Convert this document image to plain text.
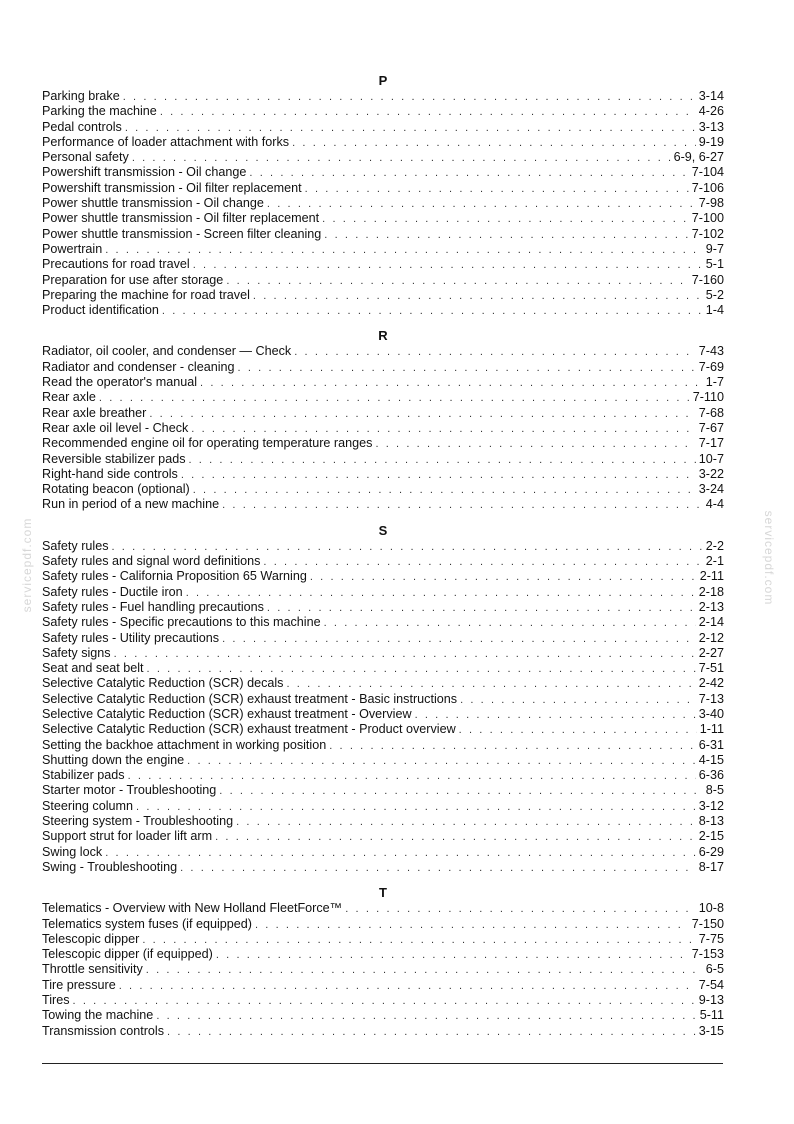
servicepdf.com	servicepdf.com
P
Parking brake . . .	3-14
Parking the machine . . .	4-26
Pedal controls . . .	3-13
Performance of loader attachment with forks . . .	9-19
Personal safety . . .	6-9, 6-27
Powershift transmission - Oil change . . .	7-104
Powershift transmission - Oil filter replacement . . .	7-106
Power shuttle transmission - Oil change . . .	7-98
Power shuttle transmission - Oil filter replacement . . .	7-100
Power shuttle transmission - Screen filter cleaning . . .	7-102
Powertrain . . .	9-7
Precautions for road travel . . .	5-1
Preparation for use after storage . . .	7-160
Preparing the machine for road travel . . .	5-2
Product identification . . .	1-4
R
Radiator, oil cooler, and condenser — Check . . .	7-43
Radiator and condenser - cleaning . . .	7-69
Read the operator's manual . . .	1-7
Rear axle . . .	7-110
Rear axle breather . . .	7-68
Rear axle oil level - Check . . .	7-67
Recommended engine oil for operating temperature ranges . . .	7-17
Reversible stabilizer pads . . .	10-7
Right-hand side controls . . .	3-22
Rotating beacon (optional) . . .	3-24
Run in period of a new machine . . .	4-4
S
Safety rules . . .	2-2
Safety rules and signal word definitions . . .	2-1
Safety rules - California Proposition 65 Warning . . .	2-11
Safety rules - Ductile iron . . .	2-18
Safety rules - Fuel handling precautions . . .	2-13
Safety rules - Specific precautions to this machine . . .	2-14
Safety rules - Utility precautions . . .	2-12
Safety signs . . .	2-27
Seat and seat belt . . .	7-51
Selective Catalytic Reduction (SCR) decals . . .	2-42
Selective Catalytic Reduction (SCR) exhaust treatment - Basic instructions . . .	7-13
Selective Catalytic Reduction (SCR) exhaust treatment - Overview . . .	3-40
Selective Catalytic Reduction (SCR) exhaust treatment - Product overview . . .	1-11
Setting the backhoe attachment in working position . . .	6-31
Shutting down the engine . . .	4-15
Stabilizer pads . . .	6-36
Starter motor - Troubleshooting . . .	8-5
Steering column . . .	3-12
Steering system - Troubleshooting . . .	8-13
Support strut for loader lift arm . . .	2-15
Swing lock . . .	6-29
Swing - Troubleshooting . . .	8-17
T
Telematics - Overview with New Holland FleetForce™ . . .	10-8
Telematics system fuses (if equipped) . . .	7-150
Telescopic dipper . . .	7-75
Telescopic dipper (if equipped) . . .	7-153
Throttle sensitivity . . .	6-5
Tire pressure . . .	7-54
Tires . . .	9-13
Towing the machine . . .	5-11
Transmission controls . . .	3-15
